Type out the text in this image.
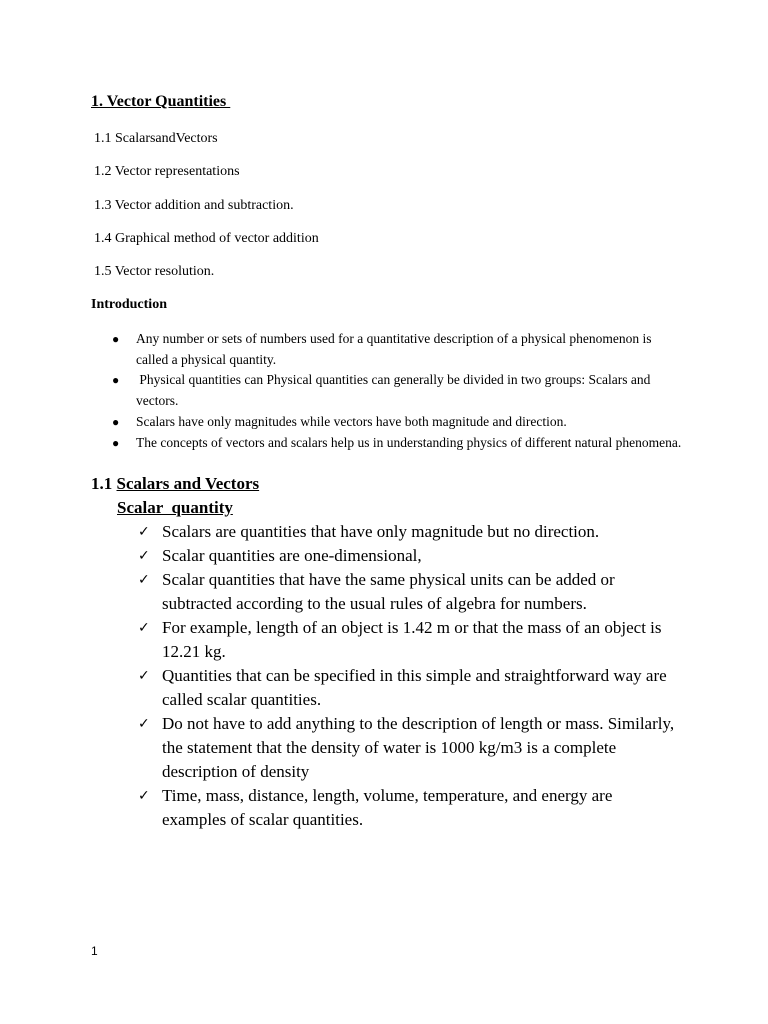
1. Vector Quantities
1.1 ScalarsandVectors
1.2 Vector representations
1.3 Vector addition and subtraction.
1.4 Graphical method of vector addition
1.5 Vector resolution.
Introduction
● Any number or sets of numbers used for a quantitative description of a physical phenomenon is called a physical quantity.
● Physical quantities can Physical quantities can generally be divided in two groups: Scalars and vectors.
● Scalars have only magnitudes while vectors have both magnitude and direction.
● The concepts of vectors and scalars help us in understanding physics of different natural phenomena.
1.1 Scalars and Vectors
Scalar  quantity
✓ Scalars are quantities that have only magnitude but no direction.
✓ Scalar quantities are one-dimensional,
✓ Scalar quantities that have the same physical units can be added or subtracted according to the usual rules of algebra for numbers.
✓ For example, length of an object is 1.42 m or that the mass of an object is 12.21 kg.
✓ Quantities that can be specified in this simple and straightforward way are called scalar quantities.
✓ Do not have to add anything to the description of length or mass. Similarly, the statement that the density of water is 1000 kg/m3 is a complete description of density
✓ Time, mass, distance, length, volume, temperature, and energy are examples of scalar quantities.
1
